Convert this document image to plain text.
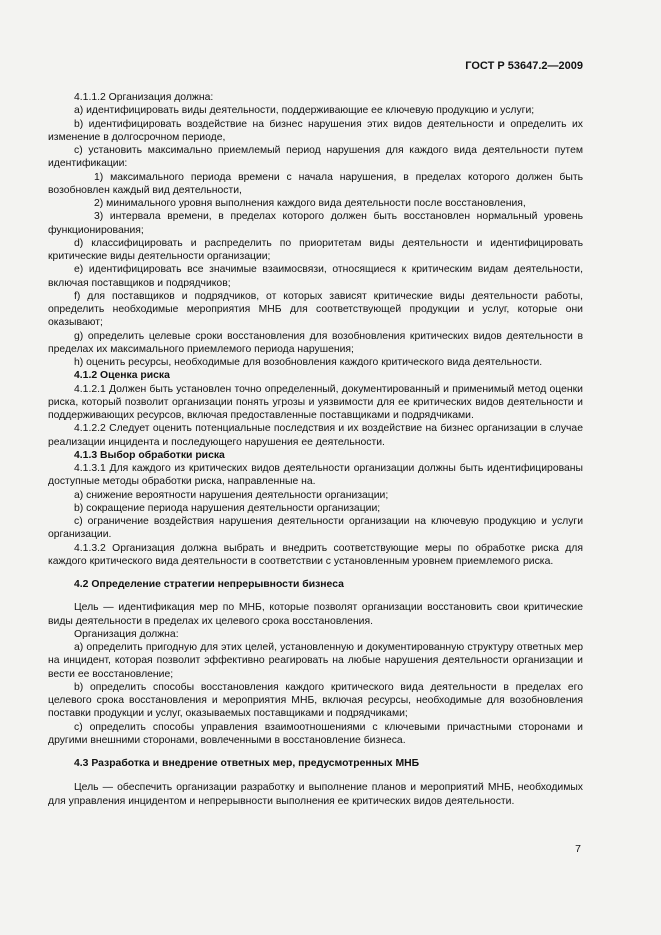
ГОСТ Р 53647.2—2009

4.1.1.2 Организация должна:

a) идентифицировать виды деятельности, поддерживающие ее ключевую продукцию и услуги;

b) идентифицировать воздействие на бизнес нарушения этих видов деятельности и определить их изменение в долгосрочном периоде,

c) установить максимально приемлемый период нарушения для каждого вида деятельности путем идентификации:

1) максимального периода времени с начала нарушения, в пределах которого должен быть возобновлен каждый вид деятельности,

2) минимального уровня выполнения каждого вида деятельности после восстановления,

3) интервала времени, в пределах которого должен быть восстановлен нормальный уровень функционирования;

d) классифицировать и распределить по приоритетам виды деятельности и идентифицировать критические виды деятельности организации;

e) идентифицировать все значимые взаимосвязи, относящиеся к критическим видам деятельности, включая поставщиков и подрядчиков;

f) для поставщиков и подрядчиков, от которых зависят критические виды деятельности работы, определить необходимые мероприятия МНБ для соответствующей продукции и услуг, которые они оказывают;

g) определить целевые сроки восстановления для возобновления критических видов деятельности в пределах их максимального приемлемого периода нарушения;

h) оценить ресурсы, необходимые для возобновления каждого критического вида деятельности.

4.1.2 Оценка риска

4.1.2.1 Должен быть установлен точно определенный, документированный и применимый метод оценки риска, который позволит организации понять угрозы и уязвимости для ее критических видов деятельности и поддерживающих ресурсов, включая предоставленные поставщиками и подрядчиками.

4.1.2.2 Следует оценить потенциальные последствия и их воздействие на бизнес организации в случае реализации инцидента и последующего нарушения ее деятельности.

4.1.3 Выбор обработки риска

4.1.3.1 Для каждого из критических видов деятельности организации должны быть идентифицированы доступные методы обработки риска, направленные на.

a) снижение вероятности нарушения деятельности организации;

b) сокращение периода нарушения деятельности организации;

c) ограничение воздействия нарушения деятельности организации на ключевую продукцию и услуги организации.

4.1.3.2 Организация должна выбрать и внедрить соответствующие меры по обработке риска для каждого критического вида деятельности в соответствии с установленным уровнем приемлемого риска.

4.2 Определение стратегии непрерывности бизнеса

Цель — идентификация мер по МНБ, которые позволят организации восстановить свои критические виды деятельности в пределах их целевого срока восстановления.

Организация должна:

a) определить пригодную для этих целей, установленную и документированную структуру ответных мер на инцидент, которая позволит эффективно реагировать на любые нарушения деятельности организации и вести ее восстановление;

b) определить способы восстановления каждого критического вида деятельности в пределах его целевого срока восстановления и мероприятия МНБ, включая ресурсы, необходимые для возобновления поставки продукции и услуг, оказываемых поставщиками и подрядчиками;

c) определить способы управления взаимоотношениями с ключевыми причастными сторонами и другими внешними сторонами, вовлеченными в восстановление бизнеса.

4.3 Разработка и внедрение ответных мер, предусмотренных МНБ

Цель — обеспечить организации разработку и выполнение планов и мероприятий МНБ, необходимых для управления инцидентом и непрерывности выполнения ее критических видов деятельности.

7
